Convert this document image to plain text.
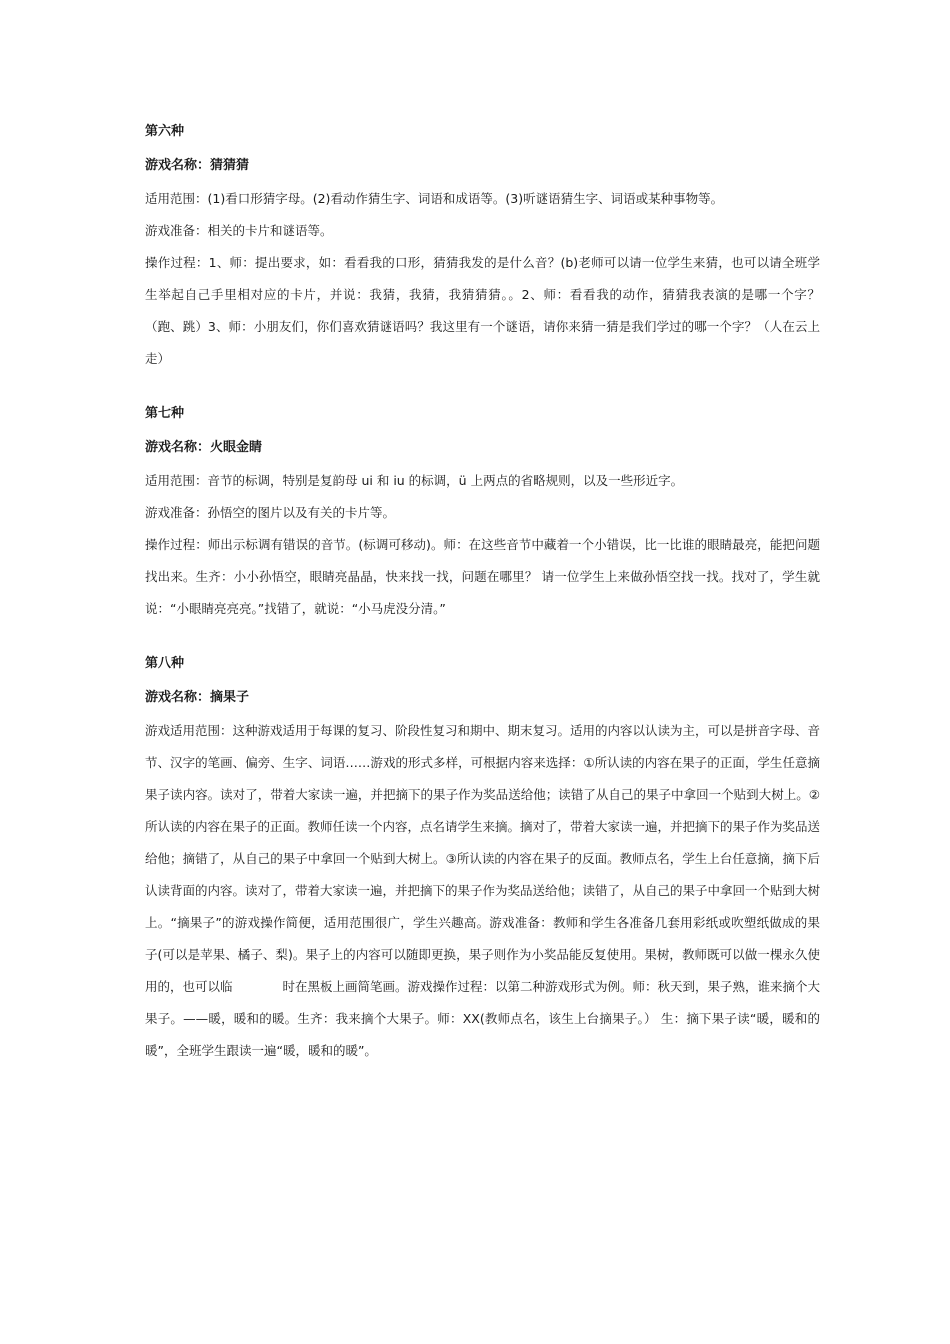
第六种

游戏名称：猜猜猜

适用范围：(1)看口形猜字母。(2)看动作猜生字、词语和成语等。(3)听谜语猜生字、词语或某种事物等。

游戏准备：相关的卡片和谜语等。

操作过程：1、师：提出要求，如：看看我的口形，猜猜我发的是什么音？(b)老师可以请一位学生来猜，也可以请全班学生举起自己手里相对应的卡片，并说：我猜，我猜，我猜猜猜。。2、师：看看我的动作，猜猜我表演的是哪一个字？（跑、跳）3、师：小朋友们，你们喜欢猜谜语吗？我这里有一个谜语，请你来猜一猜是我们学过的哪一个字？（人在云上走）

第七种

游戏名称：火眼金睛

适用范围：音节的标调，特别是复韵母 ui 和 iu 的标调，ü 上两点的省略规则，以及一些形近字。

游戏准备：孙悟空的图片以及有关的卡片等。

操作过程：师出示标调有错误的音节。(标调可移动)。师：在这些音节中藏着一个小错误，比一比谁的眼睛最亮，能把问题找出来。生齐：小小孙悟空，眼睛亮晶晶，快来找一找，问题在哪里？ 请一位学生上来做孙悟空找一找。找对了，学生就说：“小眼睛亮亮亮。”找错了，就说：“小马虎没分清。”

第八种

游戏名称：摘果子

游戏适用范围：这种游戏适用于每课的复习、阶段性复习和期中、期末复习。适用的内容以认读为主，可以是拼音字母、音节、汉字的笔画、偏旁、生字、词语……游戏的形式多样，可根据内容来选择：①所认读的内容在果子的正面，学生任意摘果子读内容。读对了，带着大家读一遍，并把摘下的果子作为奖品送给他；读错了从自己的果子中拿回一个贴到大树上。②所认读的内容在果子的正面。教师任读一个内容，点名请学生来摘。摘对了，带着大家读一遍，并把摘下的果子作为奖品送给他；摘错了，从自己的果子中拿回一个贴到大树上。③所认读的内容在果子的反面。教师点名，学生上台任意摘，摘下后认读背面的内容。读对了，带着大家读一遍，并把摘下的果子作为奖品送给他；读错了，从自己的果子中拿回一个贴到大树上。“摘果子”的游戏操作简便，适用范围很广，学生兴趣高。游戏准备：教师和学生各准备几套用彩纸或吹塑纸做成的果子(可以是苹果、橘子、梨)。果子上的内容可以随即更换，果子则作为小奖品能反复使用。果树，教师既可以做一棵永久使用的，也可以临　　　　时在黑板上画简笔画。游戏操作过程：以第二种游戏形式为例。师：秋天到，果子熟，谁来摘个大果子。——暖，暖和的暖。生齐：我来摘个大果子。师：XX(教师点名，该生上台摘果子。） 生：摘下果子读“暖，暖和的暖”，全班学生跟读一遍“暖，暖和的暖”。
